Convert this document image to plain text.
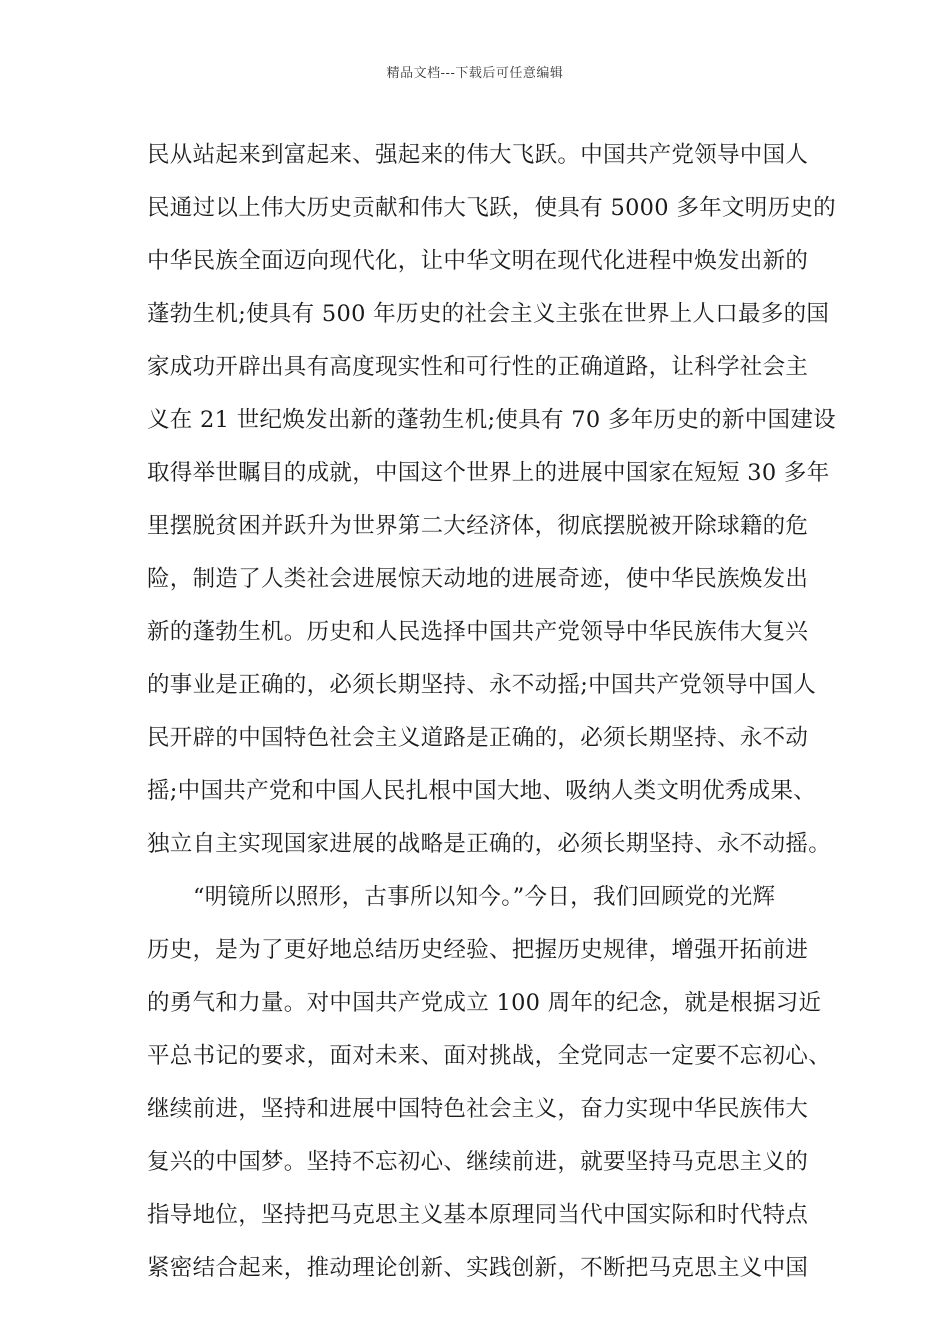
精品文档---下载后可任意编辑
民从站起来到富起来、强起来的伟大飞跃。中国共产党领导中国人
民通过以上伟大历史贡献和伟大飞跃，使具有 5000 多年文明历史的
中华民族全面迈向现代化，让中华文明在现代化进程中焕发出新的
蓬勃生机;使具有 500 年历史的社会主义主张在世界上人口最多的国
家成功开辟出具有高度现实性和可行性的正确道路，让科学社会主
义在 21 世纪焕发出新的蓬勃生机;使具有 70 多年历史的新中国建设
取得举世瞩目的成就，中国这个世界上的进展中国家在短短 30 多年
里摆脱贫困并跃升为世界第二大经济体，彻底摆脱被开除球籍的危
险，制造了人类社会进展惊天动地的进展奇迹，使中华民族焕发出
新的蓬勃生机。历史和人民选择中国共产党领导中华民族伟大复兴
的事业是正确的，必须长期坚持、永不动摇;中国共产党领导中国人
民开辟的中国特色社会主义道路是正确的，必须长期坚持、永不动
摇;中国共产党和中国人民扎根中国大地、吸纳人类文明优秀成果、
独立自主实现国家进展的战略是正确的，必须长期坚持、永不动摇。
“明镜所以照形，古事所以知今。”今日，我们回顾党的光辉
历史，是为了更好地总结历史经验、把握历史规律，增强开拓前进
的勇气和力量。对中国共产党成立 100 周年的纪念，就是根据习近
平总书记的要求，面对未来、面对挑战，全党同志一定要不忘初心、
继续前进，坚持和进展中国特色社会主义，奋力实现中华民族伟大
复兴的中国梦。坚持不忘初心、继续前进，就要坚持马克思主义的
指导地位，坚持把马克思主义基本原理同当代中国实际和时代特点
紧密结合起来，推动理论创新、实践创新，不断把马克思主义中国
